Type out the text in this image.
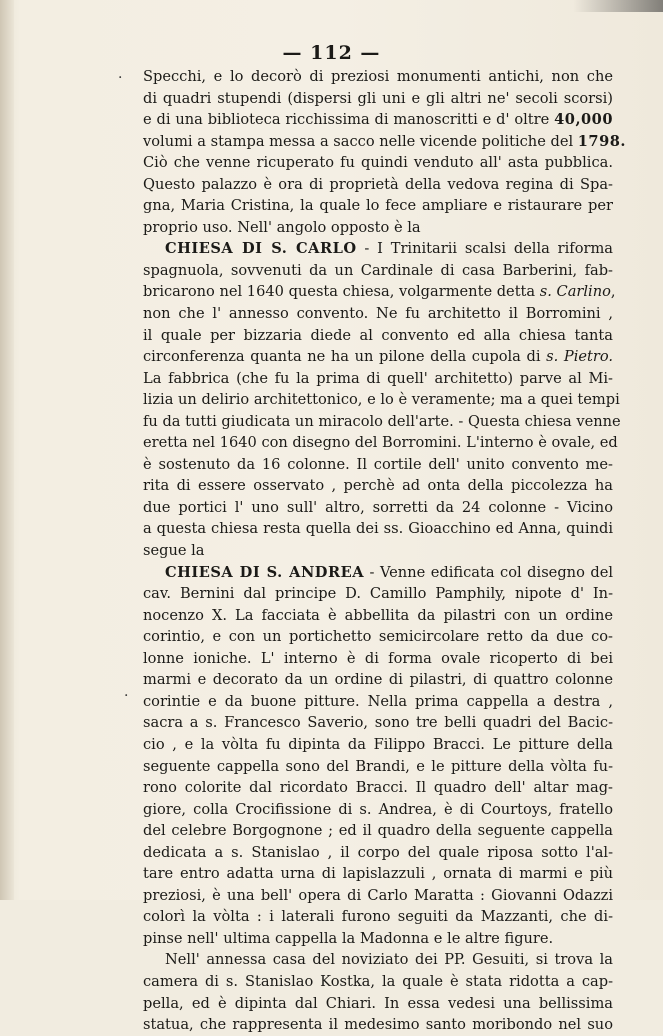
— 112 —
·
·
Specchi, e lo decorò di preziosi monumenti antichi, non che
di quadri stupendi (dispersi gli uni e gli altri ne' secoli scorsi)
e di una biblioteca ricchissima di manoscritti e d' oltre 40,000
volumi a stampa messa a sacco nelle vicende politiche del 1798.
Ciò che venne ricuperato fu quindi venduto all' asta pubblica.
Questo palazzo è ora di proprietà della vedova regina di Spa-
gna, Maria Cristina, la quale lo fece ampliare e ristaurare per
proprio uso. Nell' angolo opposto è la
CHIESA DI S. CARLO - I Trinitarii scalsi della riforma
spagnuola, sovvenuti da un Cardinale di casa Barberini, fab-
bricarono nel 1640 questa chiesa, volgarmente detta s. Carlino,
non che l' annesso convento. Ne fu architetto il Borromini ,
il quale per bizzaria diede al convento ed alla chiesa tanta
circonferenza quanta ne ha un pilone della cupola di s. Pietro.
La fabbrica (che fu la prima di quell' architetto) parve al Mi-
lizia un delirio architettonico, e lo è veramente; ma a quei tempi
fu da tutti giudicata un miracolo dell'arte. - Questa chiesa venne
eretta nel 1640 con disegno del Borromini. L'interno è ovale, ed
è sostenuto da 16 colonne. Il cortile dell' unito convento me-
rita di essere osservato , perchè ad onta della piccolezza ha
due portici l' uno sull' altro, sorretti da 24 colonne - Vicino
a questa chiesa resta quella dei ss. Gioacchino ed Anna, quindi
segue la
CHIESA DI S. ANDREA - Venne edificata col disegno del
cav. Bernini dal principe D. Camillo Pamphily, nipote d' In-
nocenzo X. La facciata è abbellita da pilastri con un ordine
corintio, e con un portichetto semicircolare retto da due co-
lonne ioniche. L' interno è di forma ovale ricoperto di bei
marmi e decorato da un ordine di pilastri, di quattro colonne
corintie e da buone pitture. Nella prima cappella a destra ,
sacra a s. Francesco Saverio, sono tre belli quadri del Bacic-
cio , e la vòlta fu dipinta da Filippo Bracci. Le pitture della
seguente cappella sono del Brandi, e le pitture della vòlta fu-
rono colorite dal ricordato Bracci. Il quadro dell' altar mag-
giore, colla Crocifissione di s. Andrea, è di Courtoys, fratello
del celebre Borgognone ; ed il quadro della seguente cappella
dedicata a s. Stanislao , il corpo del quale riposa sotto l'al-
tare entro adatta urna di lapislazzuli , ornata di marmi e più
preziosi, è una bell' opera di Carlo Maratta : Giovanni Odazzi
colorì la vòlta : i laterali furono seguiti da Mazzanti, che di-
pinse nell' ultima cappella la Madonna e le altre figure.
Nell' annessa casa del noviziato dei PP. Gesuiti, si trova la
camera di s. Stanislao Kostka, la quale è stata ridotta a cap-
pella, ed è dipinta dal Chiari. In essa vedesi una bellissima
statua, che rappresenta il medesimo santo moribondo nel suo
